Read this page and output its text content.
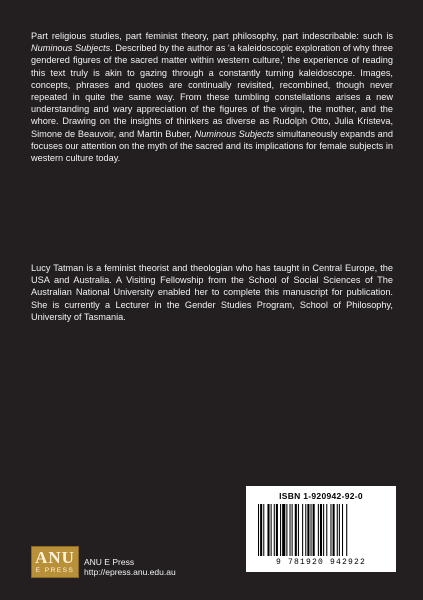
Part religious studies, part feminist theory, part philosophy, part indescribable: such is Numinous Subjects. Described by the author as ‘a kaleidoscopic exploration of why three gendered figures of the sacred matter within western culture,’ the experience of reading this text truly is akin to gazing through a constantly turning kaleidoscope. Images, concepts, phrases and quotes are continually revisited, recombined, though never repeated in quite the same way. From these tumbling constellations arises a new understanding and wary appreciation of the figures of the virgin, the mother, and the whore. Drawing on the insights of thinkers as diverse as Rudolph Otto, Julia Kristeva, Simone de Beauvoir, and Martin Buber, Numinous Subjects simultaneously expands and focuses our attention on the myth of the sacred and its implications for female subjects in western culture today.

Lucy Tatman is a feminist theorist and theologian who has taught in Central Europe, the USA and Australia. A Visiting Fellowship from the School of Social Sciences of The Australian National University enabled her to complete this manuscript for publication. She is currently a Lecturer in the Gender Studies Program, School of Philosophy, University of Tasmania.

ISBN 1-920942-92-0
9 781920 942922
ANU
E PRESS
ANU E Press
http://epress.anu.edu.au
